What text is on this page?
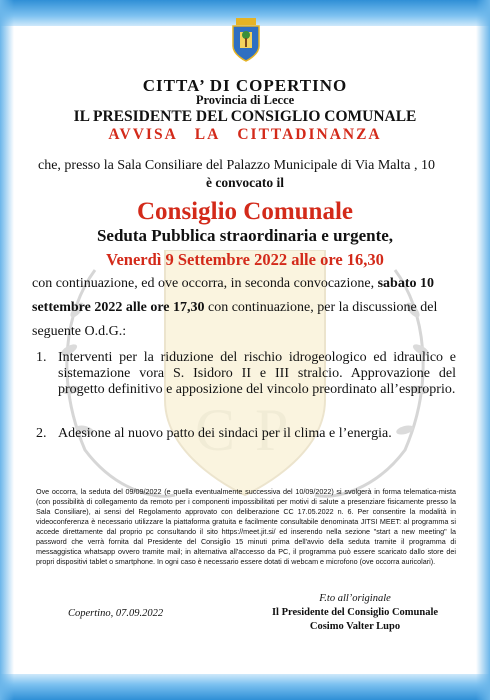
C P
CITTA’ DI COPERTINO
Provincia di Lecce
IL PRESIDENTE DEL CONSIGLIO COMUNALE
AVVISA LA CITTADINANZA
che, presso la Sala Consiliare del Palazzo Municipale di Via Malta , 10
è convocato il
Consiglio Comunale
Seduta Pubblica straordinaria e urgente,
Venerdì 9 Settembre 2022 alle ore 16,30
con continuazione, ed ove occorra, in seconda convocazione, sabato 10 settembre 2022 alle ore 17,30 con continuazione, per la discussione del seguente O.d.G.:
1. Interventi per la riduzione del rischio idrogeologico ed idraulico e sistemazione vora S. Isidoro II e III stralcio. Approvazione del progetto definitivo e apposizione del vincolo preordinato all’esproprio.
2. Adesione al nuovo patto dei sindaci per il clima e l’energia.
Ove occorra, la seduta del 09/09/2022 (e quella eventualmente successiva del 10/09/2022) si svolgerà in forma telematica-mista (con possibilità di collegamento da remoto per i componenti impossibilitati per motivi di salute a presenziare fisicamente presso la Sala Consiliare), ai sensi del Regolamento approvato con deliberazione CC 17.05.2022 n. 6. Per consentire la modalità in videoconferenza è necessario utilizzare la piattaforma gratuita e facilmente consultabile denominata JITSI MEET: al programma si accede direttamente dal proprio pc consultando il sito https://meet.jit.si/ ed inserendo nella sezione "start a new meeting" la password che verrà fornita dal Presidente del Consiglio 15 minuti prima dell'avvio della seduta tramite il programma di messaggistica whatsapp ovvero tramite mail; in alternativa all'accesso da PC, il programma può essere scaricato dallo store dei propri dispositivi tablet o smartphone. In ogni caso è necessario essere dotati di webcam e microfono (ove occorra auricolari).
Copertino, 07.09.2022
F.to all’originale
Il Presidente del Consiglio Comunale
Cosimo Valter Lupo
